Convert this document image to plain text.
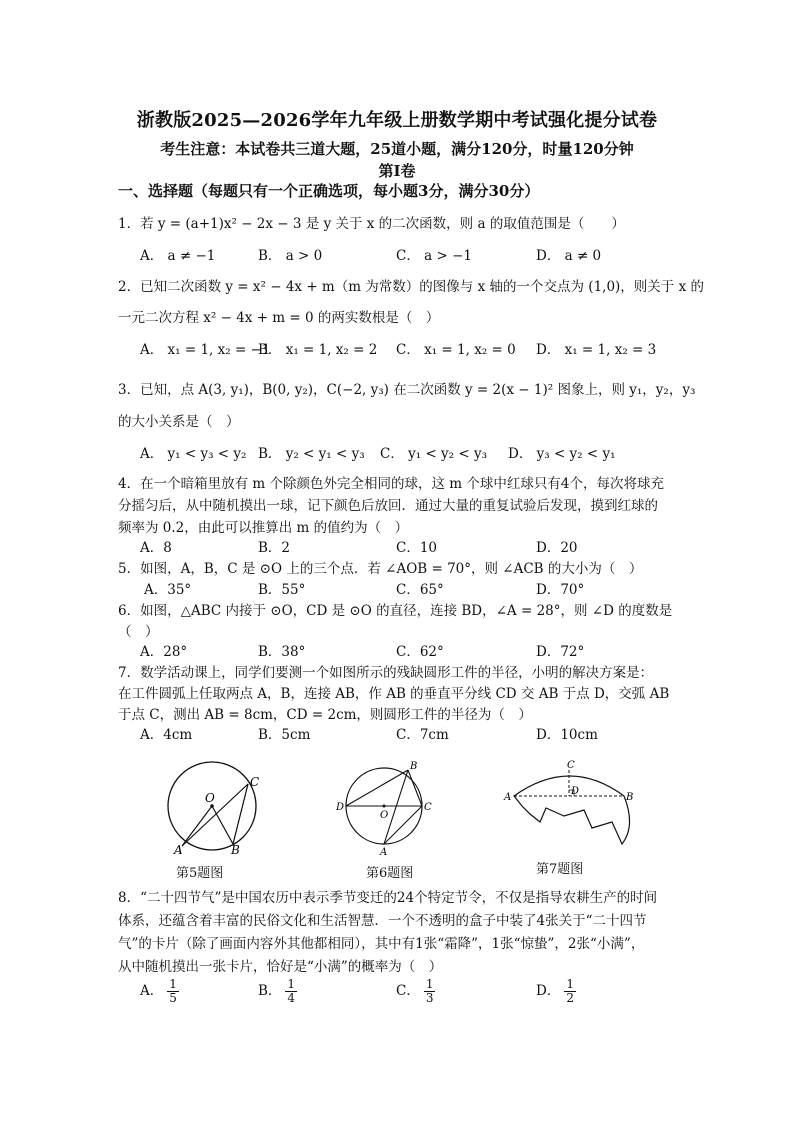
浙教版2025—2026学年九年级上册数学期中考试强化提分试卷
考生注意：本试卷共三道大题，25道小题，满分120分，时量120分钟
第Ⅰ卷
一、选择题（每题只有一个正确选项，每小题3分，满分30分）
1．若 y = (a+1)x² − 2x − 3 是 y 关于 x 的二次函数，则 a 的取值范围是（　　）
A． a ≠ −1	B． a > 0	C． a > −1	D． a ≠ 0
2．已知二次函数 y = x² − 4x + m（m 为常数）的图像与 x 轴的一个交点为 (1,0)，则关于 x 的
一元二次方程 x² − 4x + m = 0 的两实数根是（　）
A． x₁ = 1, x₂ = −1
B． x₁ = 1, x₂ = 2 C． x₁ = 1, x₂ = 0 D． x₁ = 1, x₂ = 3
3．已知，点 A(3, y₁)，B(0, y₂)，C(−2, y₃) 在二次函数 y = 2(x − 1)² 图象上，则 y₁，y₂，y₃
的大小关系是（　）
A． y₁ < y₃ < y₂ B． y₂ < y₁ < y₃ C． y₁ < y₂ < y₃ D． y₃ < y₂ < y₁
4．在一个暗箱里放有 m 个除颜色外完全相同的球，这 m 个球中红球只有4个，每次将球充
分摇匀后，从中随机摸出一球，记下颜色后放回．通过大量的重复试验后发现，摸到红球的
频率为 0.2，由此可以推算出 m 的值约为（　）
A．8	B．2	C．10	D．20
5．如图，A，B，C 是 ⊙O 上的三个点．若 ∠AOB = 70°，则 ∠ACB 的大小为（　）
A．35°	B．55°	C．65°	D．70°
6．如图，△ABC 内接于 ⊙O，CD 是 ⊙O 的直径，连接 BD，∠A = 28°，则 ∠D 的度数是
（　）
A．28°	B．38°	C．62°	D．72°
7．数学活动课上，同学们要测一个如图所示的残缺圆形工件的半径，小明的解决方案是：
在工件圆弧上任取两点 A，B，连接 AB，作 AB 的垂直平分线 CD 交 AB 于点 D，交弧 AB
于点 C，测出 AB = 8cm，CD = 2cm，则圆形工件的半径为（　）
A．4cm	B．5cm	C．7cm	D．10cm
O
A	B
C
第5题图
D
B
C
O
A
第6题图
A	B
C
D
第7题图
8．“二十四节气”是中国农历中表示季节变迁的24个特定节令，不仅是指导农耕生产的时间
体系，还蕴含着丰富的民俗文化和生活智慧．一个不透明的盒子中装了4张关于“二十四节
气”的卡片（除了画面内容外其他都相同），其中有1张“霜降”，1张“惊蛰”，2张“小满”，
从中随机摸出一张卡片，恰好是“小满”的概率为（　）
A． $\frac{1}{5}$	B． $\frac{1}{4}$	C． $\frac{1}{3}$	D． $\frac{1}{2}$
